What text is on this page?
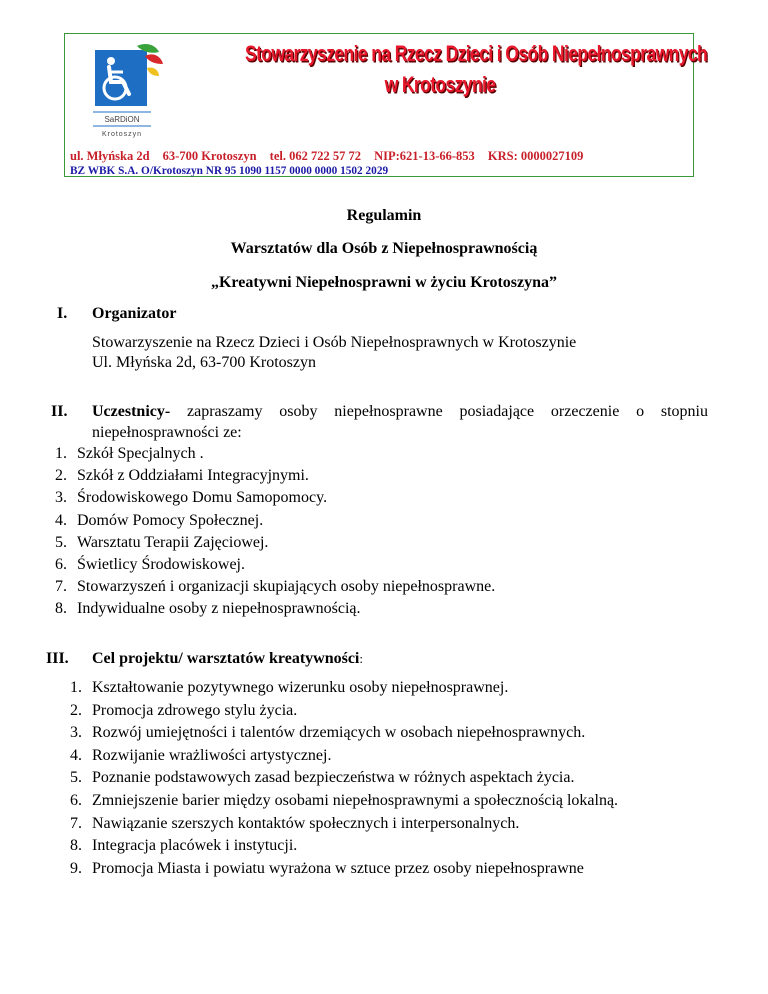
SaRDiON
Krotoszyn
Stowarzyszenie na Rzecz Dzieci i Osób Niepełnosprawnych
w Krotoszynie
ul. Młyńska 2d 63-700 Krotoszyn tel. 062 722 57 72 NIP:621-13-66-853 KRS: 0000027109
BZ WBK S.A. O/Krotoszyn NR 95 1090 1157 0000 0000 1502 2029
Regulamin
Warsztatów dla Osób z Niepełnosprawnością
„Kreatywni Niepełnosprawni w życiu Krotoszyna”
I. Organizator
Stowarzyszenie na Rzecz Dzieci i Osób Niepełnosprawnych w Krotoszynie
Ul. Młyńska 2d, 63-700 Krotoszyn
II. Uczestnicy- zapraszamy osoby niepełnosprawne posiadające orzeczenie o stopniu
niepełnosprawności ze:
1. Szkół Specjalnych .
2. Szkół z Oddziałami Integracyjnymi.
3. Środowiskowego Domu Samopomocy.
4. Domów Pomocy Społecznej.
5. Warsztatu Terapii Zajęciowej.
6. Świetlicy Środowiskowej.
7. Stowarzyszeń i organizacji skupiających osoby niepełnosprawne.
8. Indywidualne osoby z niepełnosprawnością.
III. Cel projektu/ warsztatów kreatywności:
1. Kształtowanie pozytywnego wizerunku osoby niepełnosprawnej.
2. Promocja zdrowego stylu życia.
3. Rozwój umiejętności i talentów drzemiących w osobach niepełnosprawnych.
4. Rozwijanie wrażliwości artystycznej.
5. Poznanie podstawowych zasad bezpieczeństwa w różnych aspektach życia.
6. Zmniejszenie barier między osobami niepełnosprawnymi a społecznością lokalną.
7. Nawiązanie szerszych kontaktów społecznych i interpersonalnych.
8. Integracja placówek i instytucji.
9. Promocja Miasta i powiatu wyrażona w sztuce przez osoby niepełnosprawne
